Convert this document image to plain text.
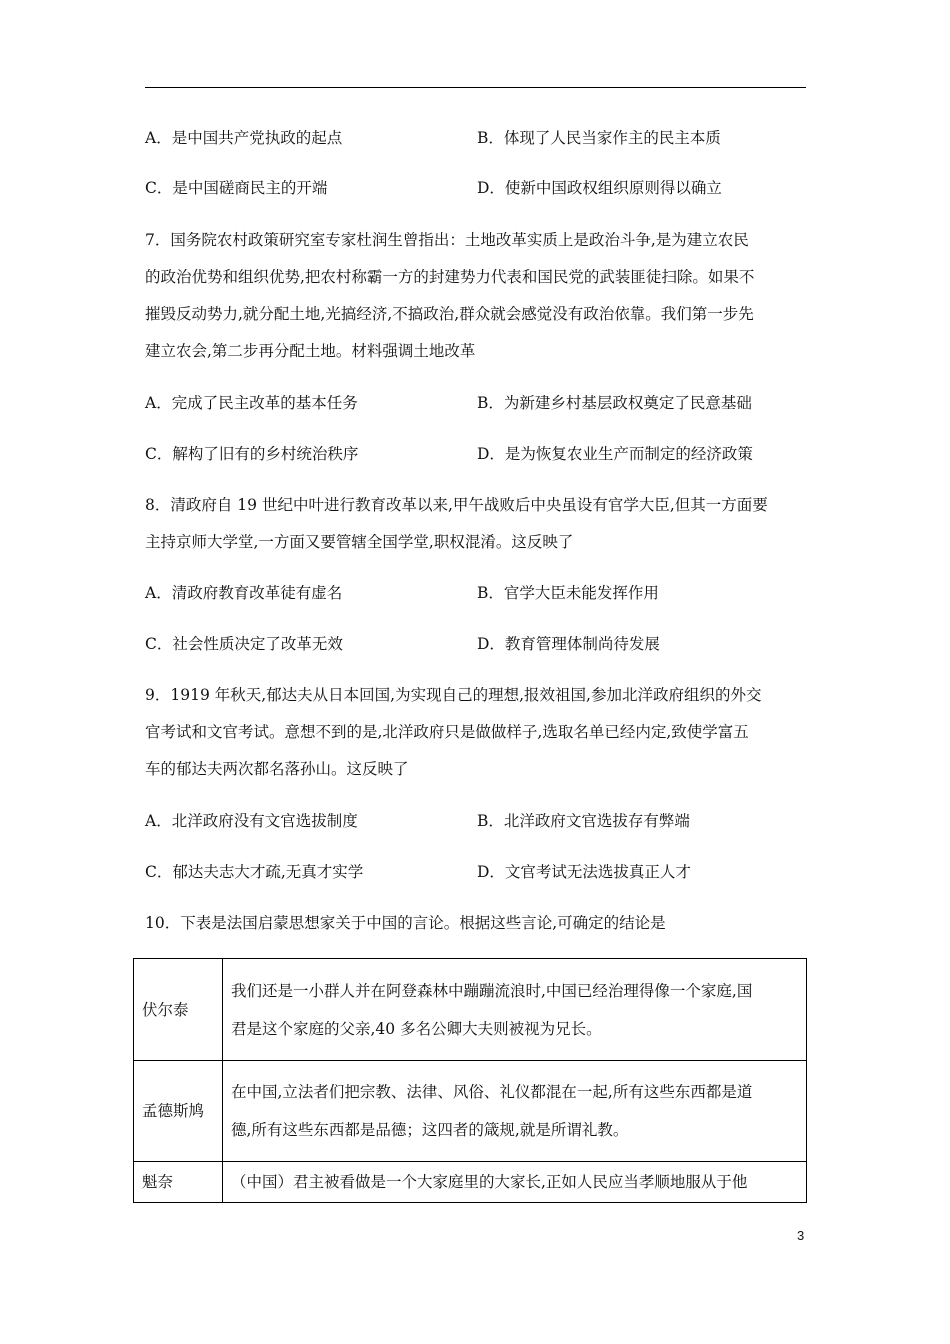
A．是中国共产党执政的起点	B．体现了人民当家作主的民主本质
C．是中国磋商民主的开端	D．使新中国政权组织原则得以确立
7．国务院农村政策研究室专家杜润生曾指出：土地改革实质上是政治斗争,是为建立农民
的政治优势和组织优势,把农村称霸一方的封建势力代表和国民党的武装匪徒扫除。如果不
摧毁反动势力,就分配土地,光搞经济,不搞政治,群众就会感觉没有政治依靠。我们第一步先
建立农会,第二步再分配土地。材料强调土地改革
A．完成了民主改革的基本任务	B．为新建乡村基层政权奠定了民意基础
C．解构了旧有的乡村统治秩序	D．是为恢复农业生产而制定的经济政策
8．清政府自 19 世纪中叶进行教育改革以来,甲午战败后中央虽设有官学大臣,但其一方面要
主持京师大学堂,一方面又要管辖全国学堂,职权混淆。这反映了
A．清政府教育改革徒有虚名	B．官学大臣未能发挥作用
C．社会性质决定了改革无效	D．教育管理体制尚待发展
9．1919 年秋天,郁达夫从日本回国,为实现自己的理想,报效祖国,参加北洋政府组织的外交
官考试和文官考试。意想不到的是,北洋政府只是做做样子,选取名单已经内定,致使学富五
车的郁达夫两次都名落孙山。这反映了
A．北洋政府没有文官选拔制度	B．北洋政府文官选拔存有弊端
C．郁达夫志大才疏,无真才实学	D．文官考试无法选拔真正人才
10．下表是法国启蒙思想家关于中国的言论。根据这些言论,可确定的结论是
伏尔泰	我们还是一小群人并在阿登森林中蹦蹦流浪时,中国已经治理得像一个家庭,国
君是这个家庭的父亲,40 多名公卿大夫则被视为兄长。

孟德斯鸠	在中国,立法者们把宗教、法律、风俗、礼仪都混在一起,所有这些东西都是道
德,所有这些东西都是品德；这四者的箴规,就是所谓礼教。

魁奈	（中国）君主被看做是一个大家庭里的大家长,正如人民应当孝顺地服从于他
3
